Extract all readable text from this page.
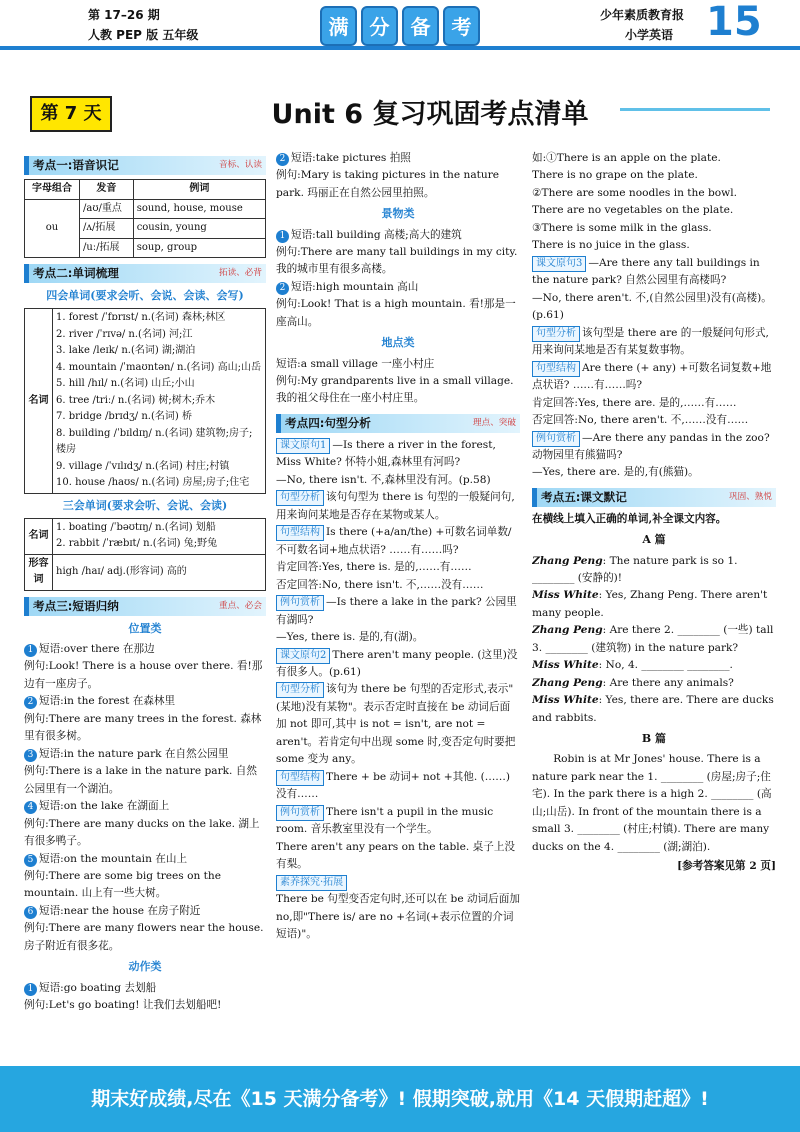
第 17–26 期
人教 PEP 版 五年级	满	分	备	考	少年素质教育报
小学英语 15
第 7 天	Unit 6 复习巩固考点清单
考点一:语音识记	音标、认读
字母组合	发音	例词
ou	/aʊ/重点	sound, house, mouse
	/ʌ/拓展	cousin, young
	/uː/拓展	soup, group
考点二:单词梳理	拓读、必背
四会单词(要求会听、会说、会读、会写)
名词	
1. forest /ˈfɒrɪst/ n.(名词) 森林;林区
2. river /ˈrɪvə/ n.(名词) 河;江
3. lake /leɪk/ n.(名词) 湖;湖泊
4. mountain /ˈmaʊntən/ n.(名词) 高山;山岳
5. hill /hɪl/ n.(名词) 山丘;小山
6. tree /triː/ n.(名词) 树;树木;乔木
7. bridge /brɪdʒ/ n.(名词) 桥
8. building /ˈbɪldɪŋ/ n.(名词) 建筑物;房子;楼房
9. village /ˈvɪlɪdʒ/ n.(名词) 村庄;村镇
10. house /haʊs/ n.(名词) 房屋;房子;住宅
三会单词(要求会听、会说、会读)
名词	1. boating /ˈbəʊtɪŋ/ n.(名词) 划船
2. rabbit /ˈræbɪt/ n.(名词) 兔;野兔

形容词	high /haɪ/ adj.(形容词) 高的
考点三:短语归纳	重点、必会
位置类
1 短语:over there 在那边
例句:Look! There is a house over there. 看!那边有一座房子。
2 短语:in the forest 在森林里
例句:There are many trees in the forest. 森林里有很多树。
3 短语:in the nature park 在自然公园里
例句:There is a lake in the nature park. 自然公园里有一个湖泊。
4 短语:on the lake 在湖面上
例句:There are many ducks on the lake. 湖上有很多鸭子。
5 短语:on the mountain 在山上
例句:There are some big trees on the mountain. 山上有一些大树。
6 短语:near the house 在房子附近
例句:There are many flowers near the house. 房子附近有很多花。
动作类
1 短语:go boating 去划船
例句:Let's go boating! 让我们去划船吧!
2 短语:take pictures 拍照
例句:Mary is taking pictures in the nature park. 玛丽正在自然公园里拍照。
景物类
1 短语:tall building 高楼;高大的建筑
例句:There are many tall buildings in my city. 我的城市里有很多高楼。
2 短语:high mountain 高山
例句:Look! That is a high mountain. 看!那是一座高山。
地点类
短语:a small village 一座小村庄
例句:My grandparents live in a small village. 我的祖父母住在一座小村庄里。
考点四:句型分析	理点、突破
课文原句1 —Is there a river in the forest, Miss White? 怀特小姐,森林里有河吗?
—No, there isn't. 不,森林里没有河。(p.58)
句型分析 该句句型为 there is 句型的一般疑问句,用来询问某地是否存在某物或某人。
句型结构 Is there (+a/an/the) +可数名词单数/不可数名词+地点状语? ……有……吗?
肯定回答:Yes, there is. 是的,……有……
否定回答:No, there isn't. 不,……没有……
例句赏析 —Is there a lake in the park? 公园里有湖吗?
—Yes, there is. 是的,有(湖)。
课文原句2 There aren't many people. (这里)没有很多人。(p.61)
句型分析 该句为 there be 句型的否定形式,表示"(某地)没有某物"。表示否定时直接在 be 动词后面加 not 即可,其中 is not = isn't, are not = aren't。若肯定句中出现 some 时,变否定句时要把 some 变为 any。
句型结构 There + be 动词+ not +其他. (……)没有……
例句赏析 There isn't a pupil in the music room. 音乐教室里没有一个学生。
There aren't any pears on the table. 桌子上没有梨。
素养探究·拓展
There be 句型变否定句时,还可以在 be 动词后面加 no,即"There is/ are no +名词(+表示位置的介词短语)"。
如:①There is an apple on the plate.
There is no grape on the plate.
②There are some noodles in the bowl.
There are no vegetables on the plate.
③There is some milk in the glass.
There is no juice in the glass.
课文原句3 —Are there any tall buildings in the nature park? 自然公园里有高楼吗?
—No, there aren't. 不,(自然公园里)没有(高楼)。(p.61)
句型分析 该句型是 there are 的一般疑问句形式,用来询问某地是否有某复数事物。
句型结构 Are there (+ any) +可数名词复数+地点状语? ……有……吗?
肯定回答:Yes, there are. 是的,……有……
否定回答:No, there aren't. 不,……没有……
例句赏析 —Are there any pandas in the zoo? 动物园里有熊猫吗?
—Yes, there are. 是的,有(熊猫)。
考点五:课文默记	巩固、熟悦
在横线上填入正确的单词,补全课文内容。
A 篇
Zhang Peng: The nature park is so 1. ________ (安静的)!
Miss White: Yes, Zhang Peng. There aren't many people.
Zhang Peng: Are there 2. ________ (一些) tall 3. ________ (建筑物) in the nature park?
Miss White: No, 4. ________ ________.
Zhang Peng: Are there any animals?
Miss White: Yes, there are. There are ducks and rabbits.
B 篇
Robin is at Mr Jones' house. There is a nature park near the 1. ________ (房屋;房子;住宅). In the park there is a high 2. ________ (高山;山岳). In front of the mountain there is a small 3. ________ (村庄;村镇). There are many ducks on the 4. ________ (湖;湖泊).
[参考答案见第 2 页]
期末好成绩,尽在《15 天满分备考》! 假期突破,就用《14 天假期赶超》!
